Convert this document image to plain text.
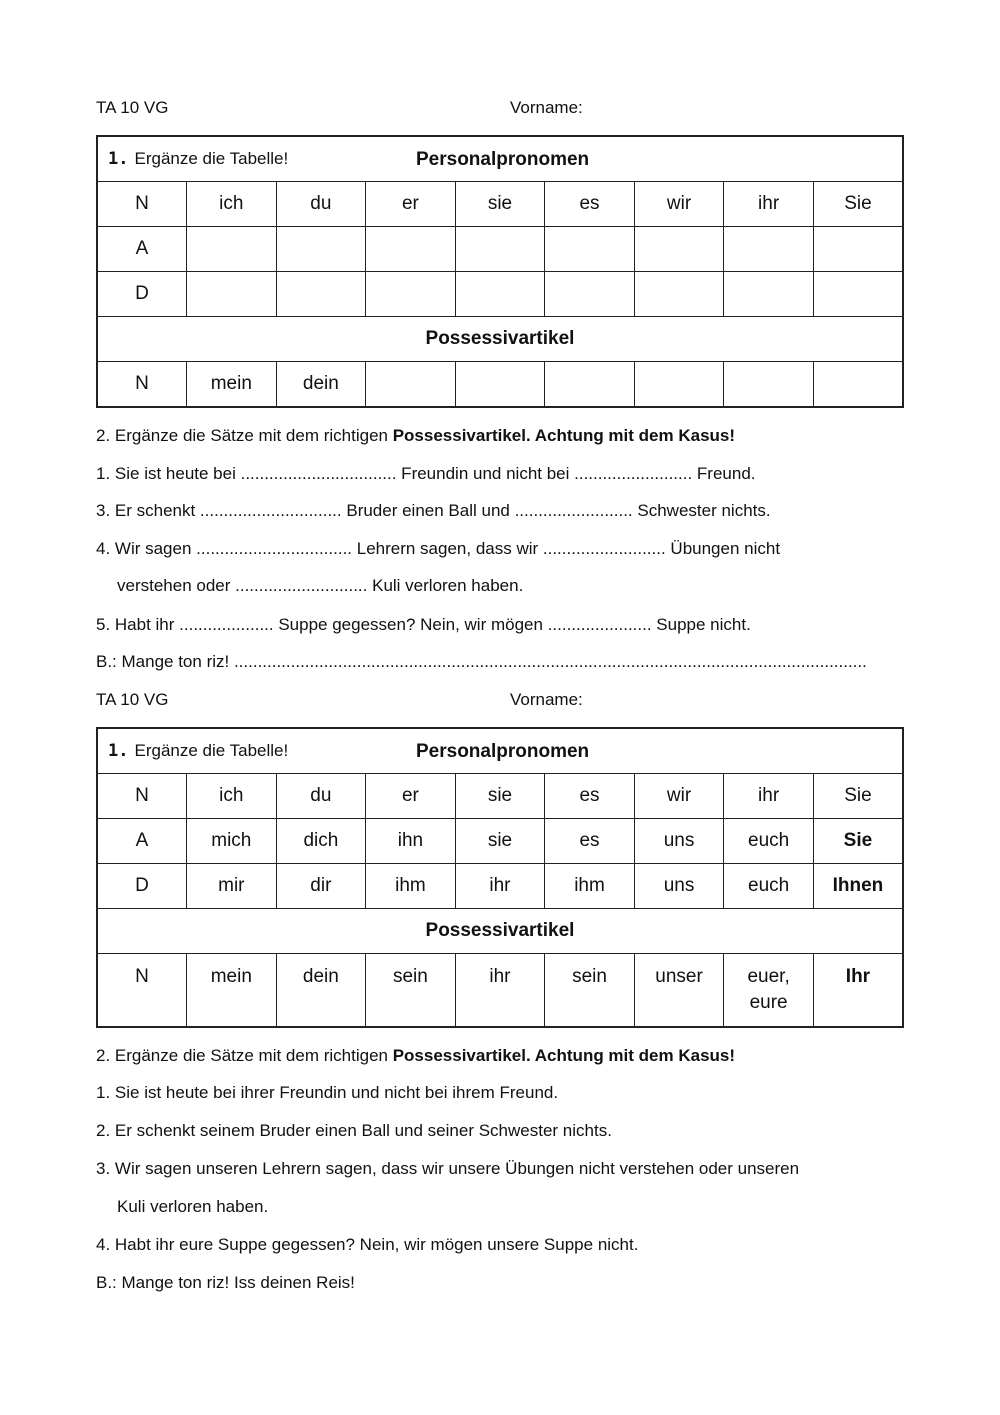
TA 10 VG	Vorname:
1. Ergänze die Tabelle! Personalpronomen								

N	ich	du	er	sie	es	wir	ihr	Sie
A								
D								
Possessivartikel								
N	mein	dein						
2. Ergänze die Sätze mit dem richtigen Possessivartikel. Achtung mit dem Kasus!
1. Sie ist heute bei ................................. Freundin und nicht bei ......................... Freund.
3. Er schenkt .............................. Bruder einen Ball und ......................... Schwester nichts.
4. Wir sagen ................................. Lehrern sagen, dass wir .......................... Übungen nicht
verstehen oder ............................ Kuli verloren haben.
5. Habt ihr .................... Suppe gegessen? Nein, wir mögen ...................... Suppe nicht.
B.: Mange ton riz! ......................................................................................................................................
TA 10 VG	Vorname:
1. Ergänze die Tabelle! Personalpronomen								

N	ich	du	er	sie	es	wir	ihr	Sie
A	mich	dich	ihn	sie	es	uns	euch	Sie
D	mir	dir	ihm	ihr	ihm	uns	euch	Ihnen
Possessivartikel								
N	mein	dein	sein	ihr	sein	unser	euer,
eure	Ihr
2. Ergänze die Sätze mit dem richtigen Possessivartikel. Achtung mit dem Kasus!
1. Sie ist heute bei ihrer Freundin und nicht bei ihrem Freund.
2. Er schenkt seinem Bruder einen Ball und seiner Schwester nichts.
3. Wir sagen unseren Lehrern sagen, dass wir unsere Übungen nicht verstehen oder unseren
Kuli verloren haben.
4. Habt ihr eure Suppe gegessen? Nein, wir mögen unsere Suppe nicht.
B.: Mange ton riz! Iss deinen Reis!
